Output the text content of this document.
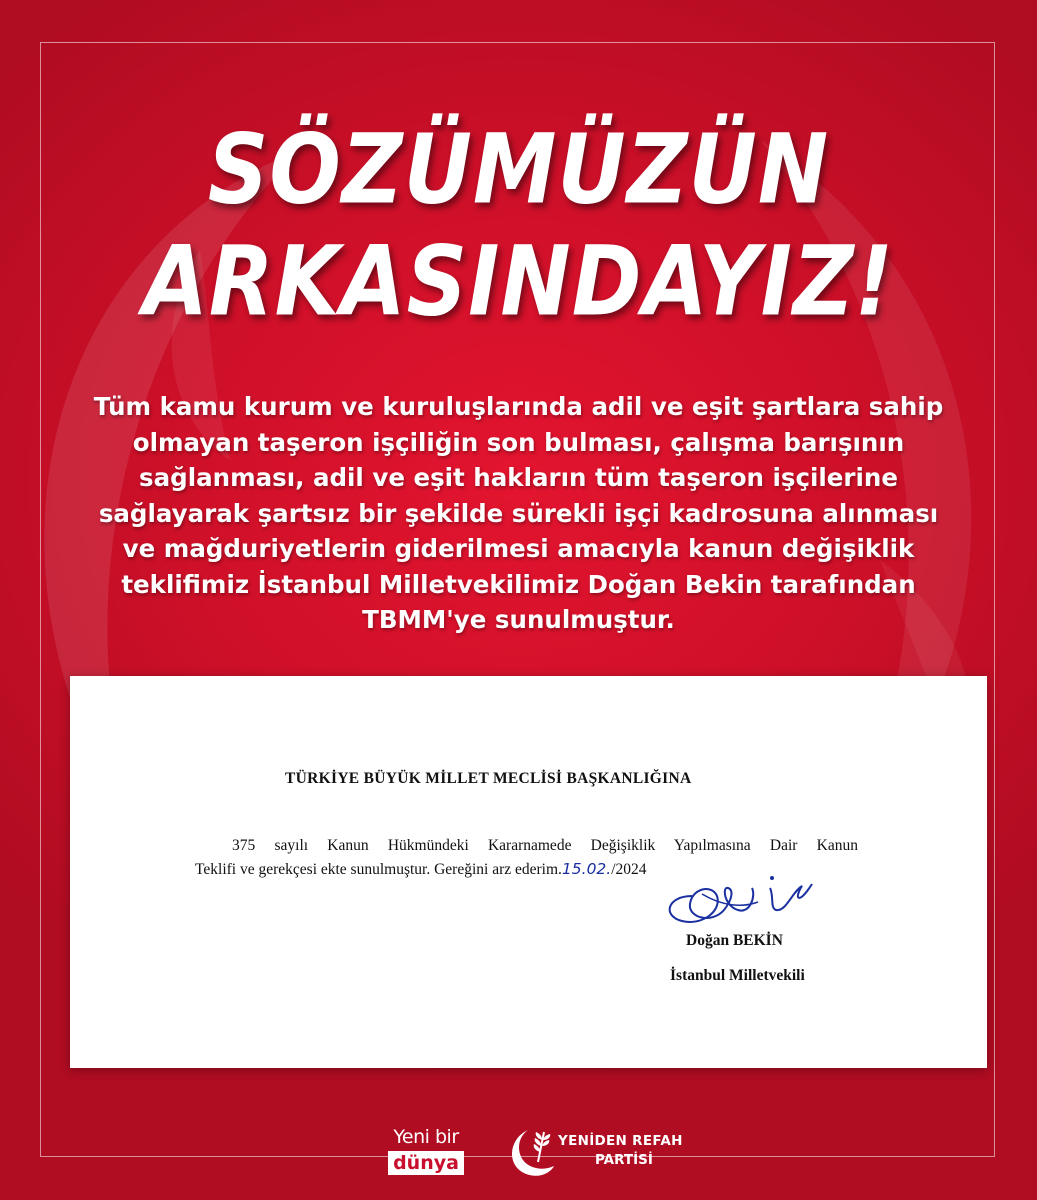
SÖZÜMÜZÜN
ARKASINDAYIZ!
Tüm kamu kurum ve kuruluşlarında adil ve eşit şartlara sahip
olmayan taşeron işçiliğin son bulması, çalışma barışının
sağlanması, adil ve eşit hakların tüm taşeron işçilerine
sağlayarak şartsız bir şekilde sürekli işçi kadrosuna alınması
ve mağduriyetlerin giderilmesi amacıyla kanun değişiklik
teklifimiz İstanbul Milletvekilimiz Doğan Bekin tarafından
TBMM'ye sunulmuştur.
TÜRKİYE BÜYÜK MİLLET MECLİSİ BAŞKANLIĞINA
375 sayılı Kanun Hükmündeki Kararnamede Değişiklik Yapılmasına Dair Kanun
Teklifi ve gerekçesi ekte sunulmuştur. Gereğini arz ederim.15.02./2024
Doğan BEKİN
İstanbul Milletvekili
Yeni bir
dünya
YENİDEN REFAH
PARTİSİ
